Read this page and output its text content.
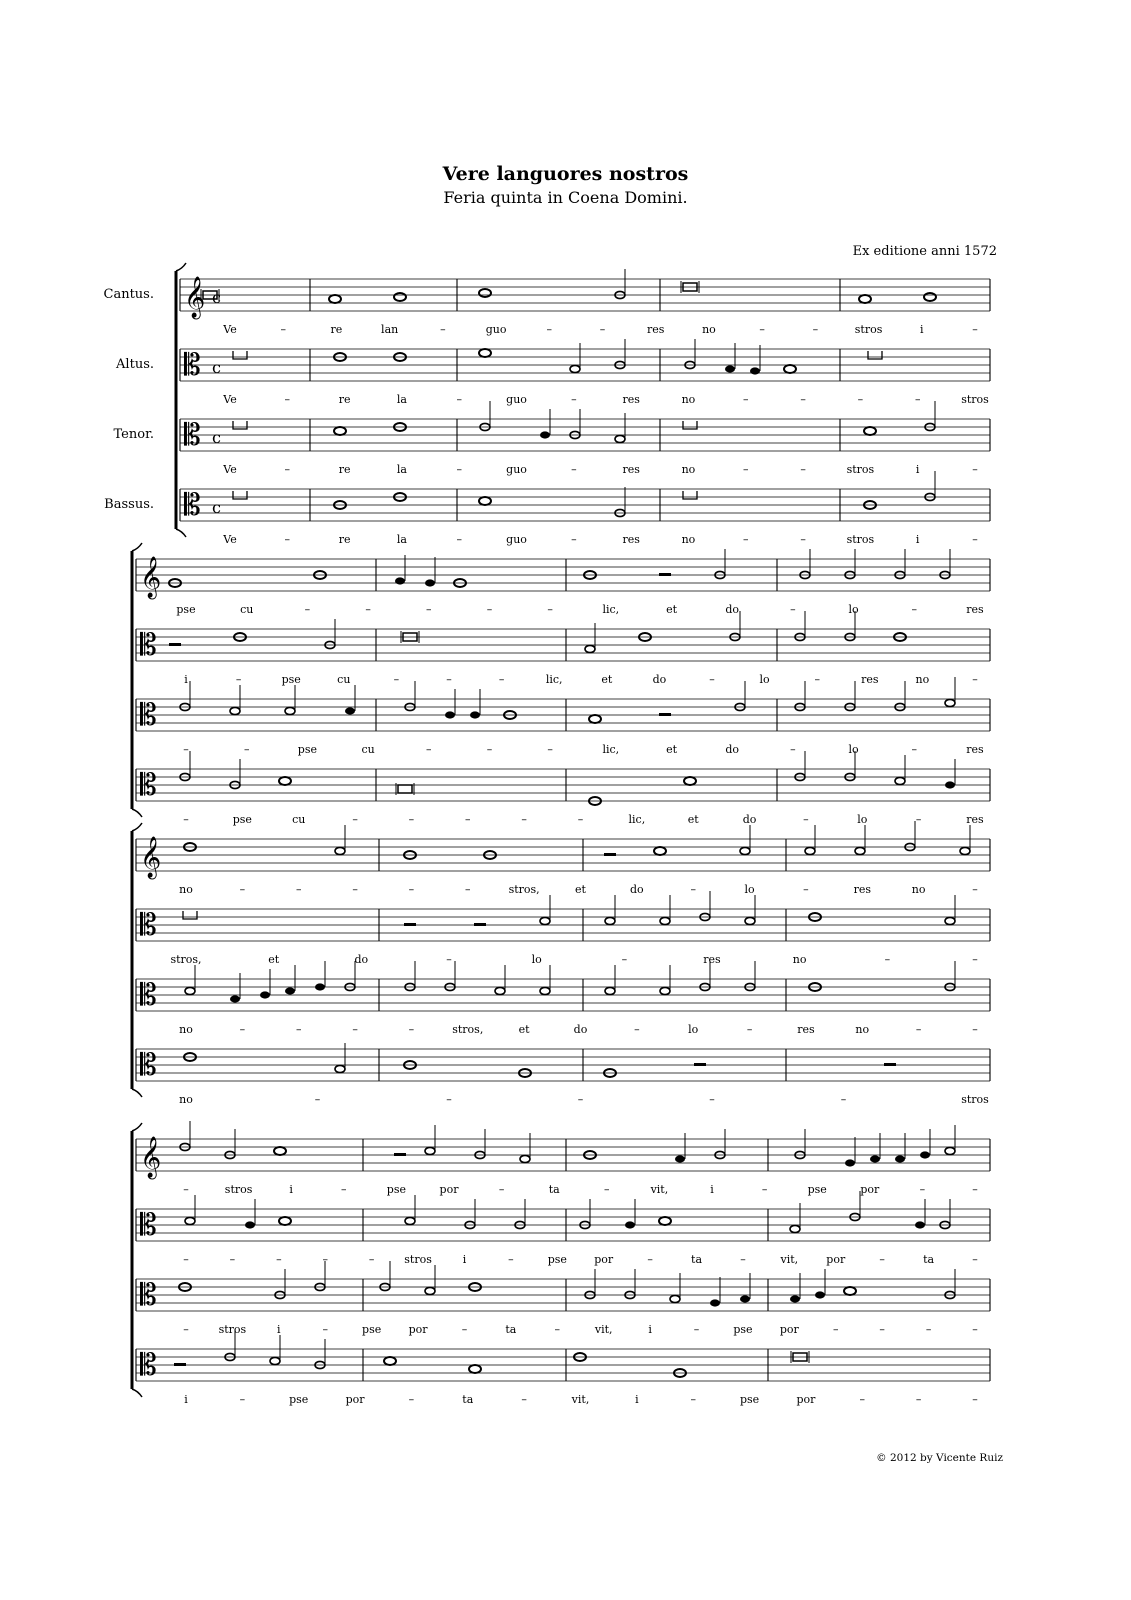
Vere languores nostros
Feria quinta in Coena Domini.
Ex editione anni 1572
Cantus.
Altus.
Tenor.
Bassus.
𝄞 c
𝄡 c
𝄡 c
𝄡 c
Ve	–	re	lan	–	guo	–	–	res	no	–	–	stros	i	–
Ve	–	re	la	–	guo	–	res	no	–	–	–	–	stros
Ve	–	re	la	–	guo	–	res	no	–	–	stros	i	–
Ve	–	re	la	–	guo	–	res	no	–	–	stros	i	–
𝄞
𝄡
𝄡
𝄡
pse	cu	–	–	–	–	–	lic,	et	do	–	lo	–	res
i	–	pse	cu	–	–	–	lic,	et	do	–	lo	–	res	no	–
–	–	pse	cu	–	–	–	lic,	et	do	–	lo	–	res
–	pse	cu	–	–	–	–	–	lic,	et	do	–	lo	–	res
𝄞
𝄡
𝄡
𝄡
no	–	–	–	–	–	stros,	et	do	–	lo	–	res	no	–
stros,	et	do	–	lo	–	res	no	–	–
no	–	–	–	–	stros,	et	do	–	lo	–	res	no	–	–
no	–	–	–	–	–	stros
𝄞
𝄡
𝄡
𝄡
–	stros	i	–	pse	por	–	ta	–	vit,	i	–	pse	por	–	–
–	–	–	–	–	stros	i	–	pse por	–	ta	–	vit,	por	–	ta	–
–	stros	i	–	pse por	–	ta	–	vit,	i	–	pse por	–	–	–	–
i	–	pse	por	–	ta	–	vit,	i	–	pse	por	–	–	–
© 2012 by Vicente Ruiz
